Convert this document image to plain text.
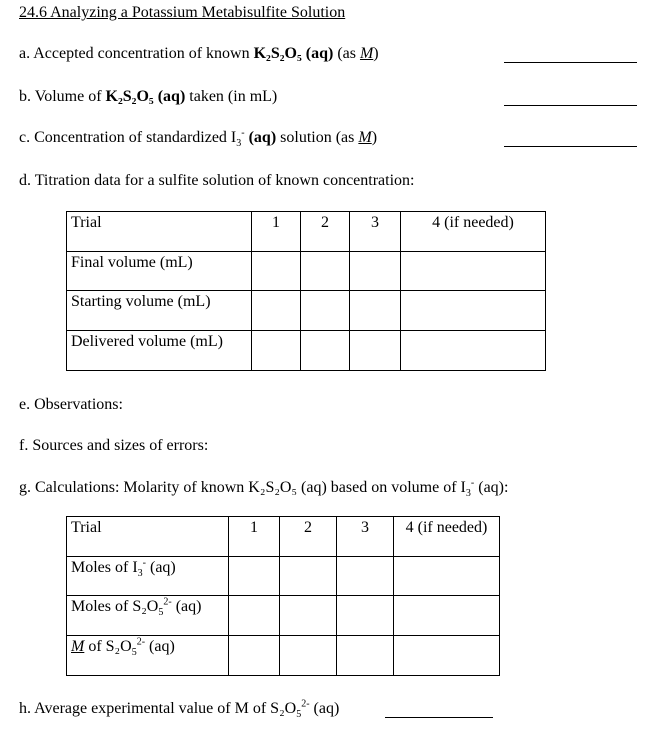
24.6 Analyzing a Potassium Metabisulfite Solution
a. Accepted concentration of known K₂S₂O₅ (aq) (as M)
b. Volume of K₂S₂O₅ (aq) taken (in mL)
c. Concentration of standardized $I_3^-$ (aq) solution (as M)
d. Titration data for a sulfite solution of known concentration:
Trial	1	2	3	4 (if needed)
Final volume (mL)				
Starting volume (mL)				
Delivered volume (mL)				
e. Observations:
f. Sources and sizes of errors:
g. Calculations: Molarity of known K₂S₂O₅ (aq) based on volume of $I_3^-$ (aq):
Trial	1	2	3	4 (if needed)
Moles of $I_3^-$ (aq)				
Moles of $S_2O_5^{2-}$ (aq)				
M of $S_2O_5^{2-}$ (aq)				
h. Average experimental value of M of $S_2O_5^{2-}$ (aq)
